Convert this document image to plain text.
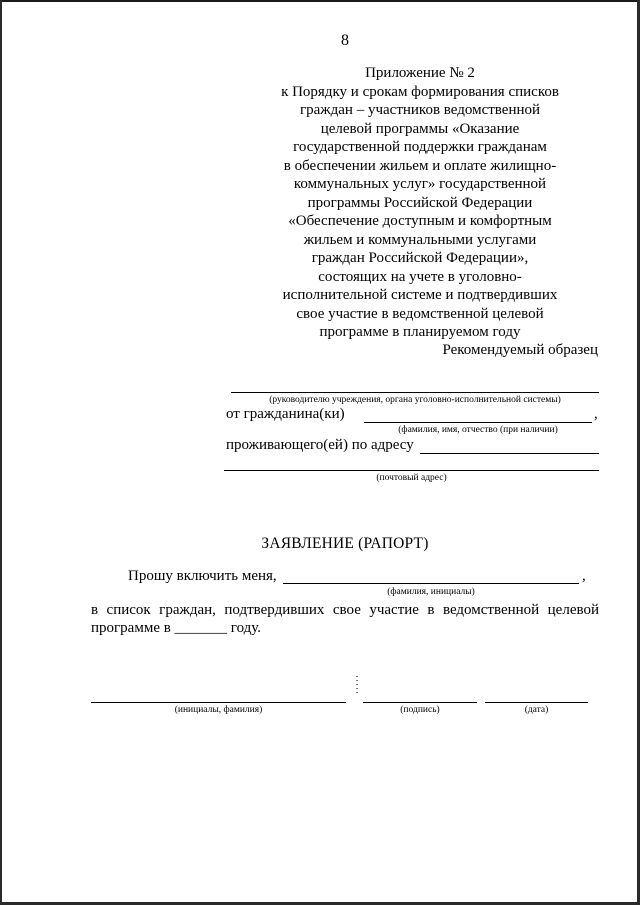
8
Приложение № 2
к Порядку и срокам формирования списков
граждан – участников ведомственной
целевой программы «Оказание
государственной поддержки гражданам
в обеспечении жильем и оплате жилищно-
коммунальных услуг» государственной
программы Российской Федерации
«Обеспечение доступным и комфортным
жильем и коммунальными услугами
граждан Российской Федерации»,
состоящих на учете в уголовно-
исполнительной системе и подтвердивших
свое участие в ведомственной целевой
программе в планируемом году
Рекомендуемый образец
(руководителю учреждения, органа уголовно-исполнительной системы)
от гражданина(ки)	,
(фамилия, имя, отчество (при наличии)
проживающего(ей) по адресу
(почтовый адрес)
ЗАЯВЛЕНИЕ (РАПОРТ)
Прошу включить меня,	,
(фамилия, инициалы)
в список граждан, подтвердивших свое участие в ведомственной целевой
программе в _______ году.
(инициалы, фамилия)	(подпись)	(дата)
